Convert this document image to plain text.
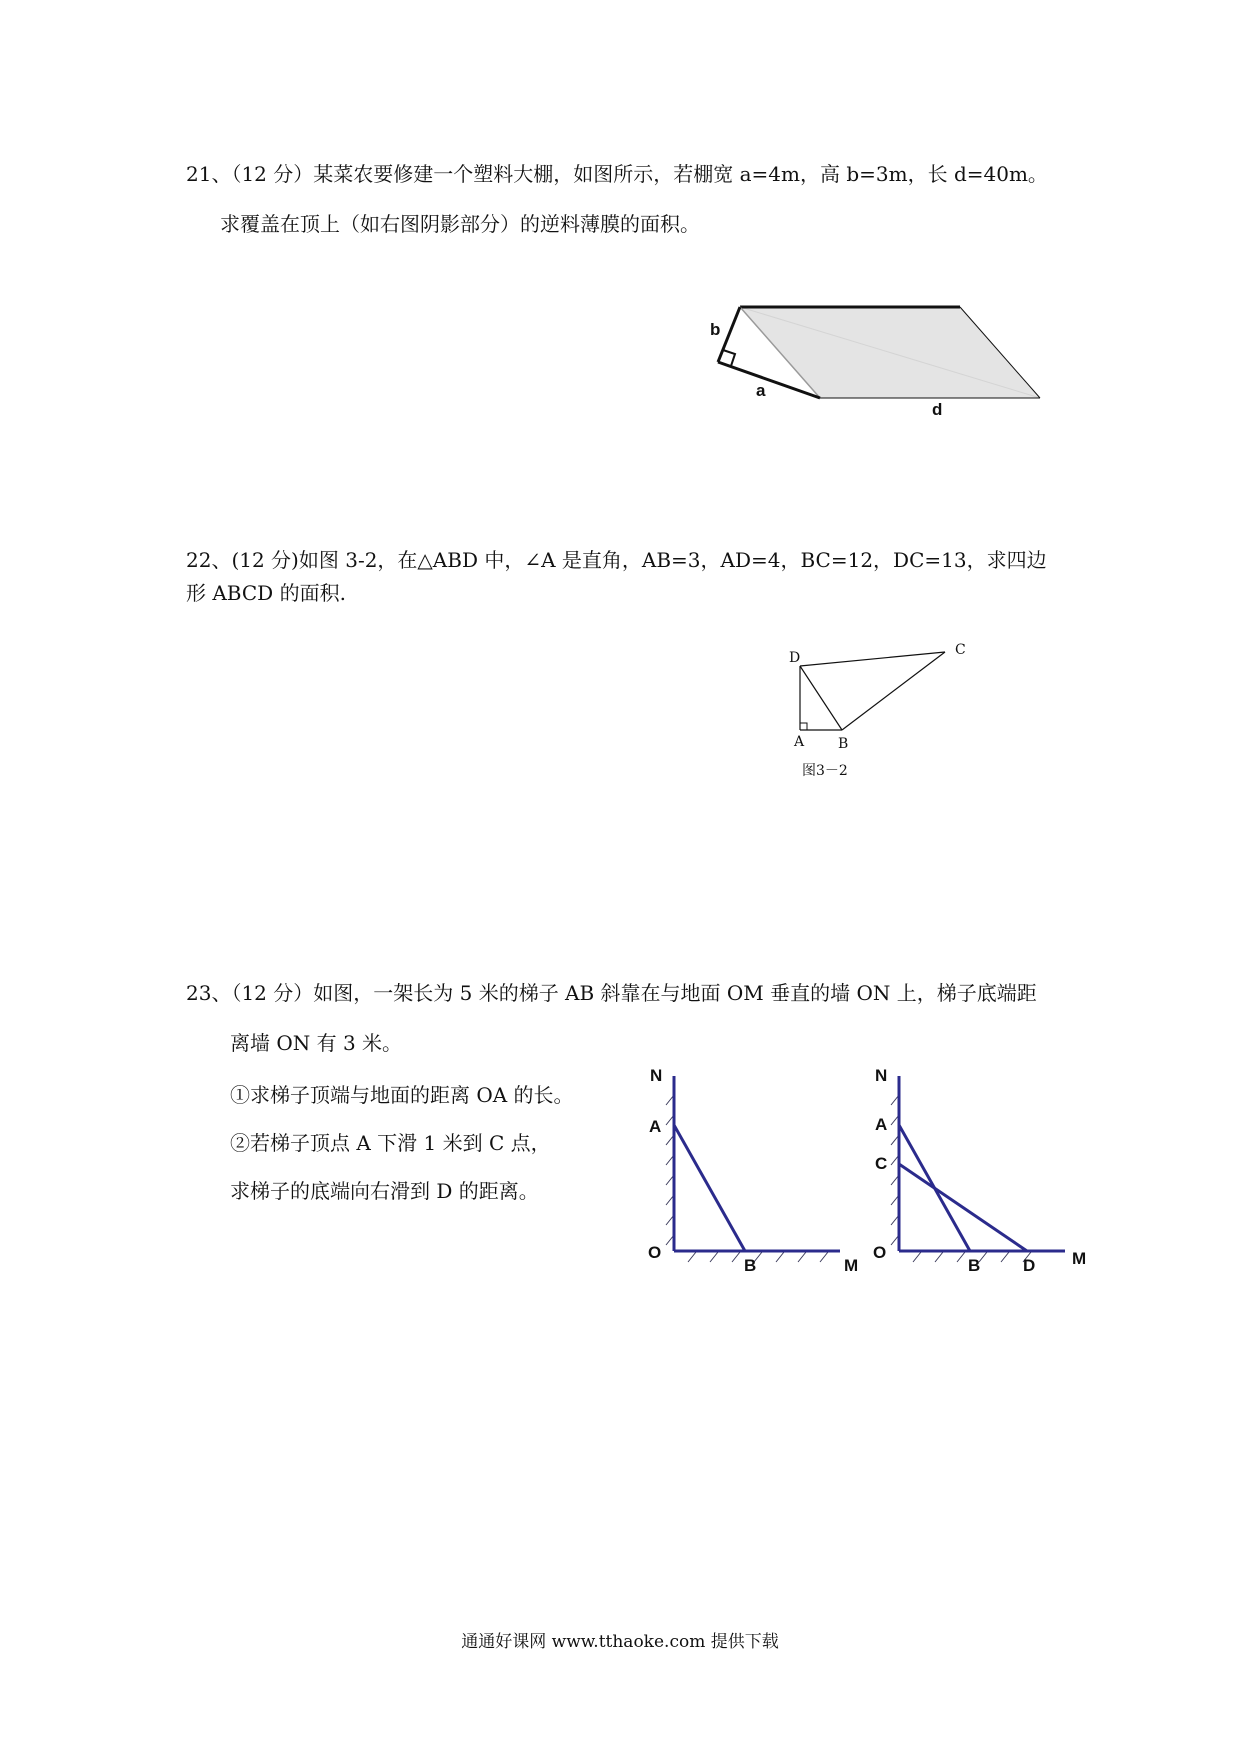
21、（12 分）某菜农要修建一个塑料大棚，如图所示，若棚宽 a=4m，高 b=3m，长 d=40m。
求覆盖在顶上（如右图阴影部分）的逆料薄膜的面积。
b
a
d
22、(12 分)如图 3-2，在△ABD 中，∠A 是直角，AB=3，AD=4，BC=12，DC=13，求四边
形 ABCD 的面积.
D	C
A B
图3－2
23、（12 分）如图，一架长为 5 米的梯子 AB 斜靠在与地面 OM 垂直的墙 ON 上，梯子底端距
离墙 ON 有 3 米。
①求梯子顶端与地面的距离 OA 的长。
②若梯子顶点 A 下滑 1 米到 C 点，
求梯子的底端向右滑到 D 的距离。
N
A
O
B	M
N
A
C
O
B	D M
通通好课网 www.tthaoke.com 提供下载
